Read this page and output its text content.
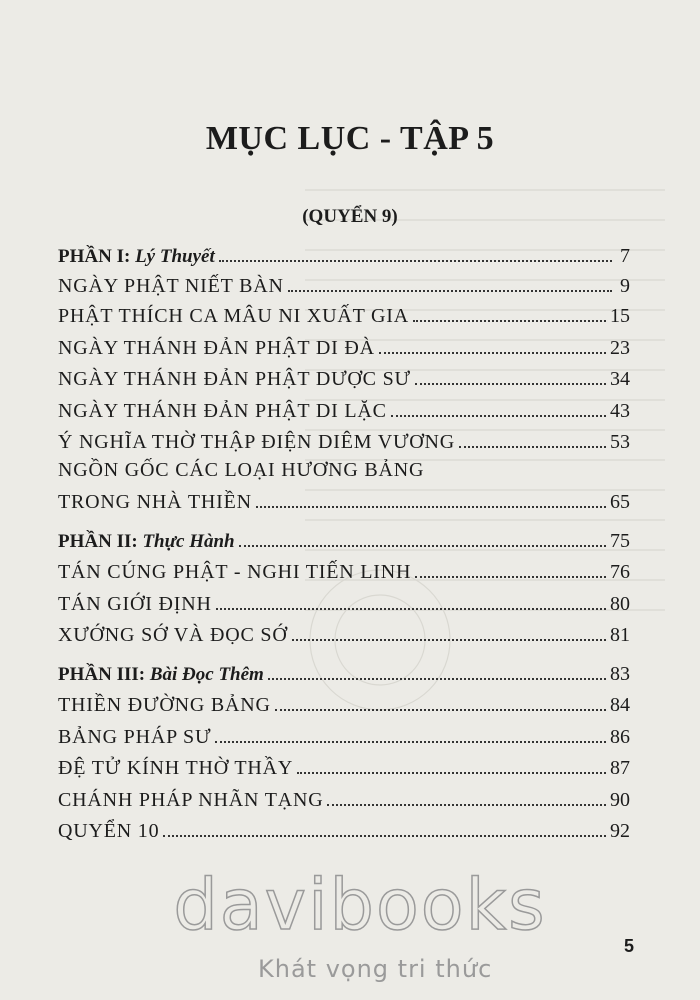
MỤC LỤC - TẬP 5
(QUYỂN 9)
PHẦN I: Lý Thuyết	7
NGÀY PHẬT NIẾT BÀN	9
PHẬT THÍCH CA MÂU NI XUẤT GIA	15
NGÀY THÁNH ĐẢN PHẬT DI ĐÀ	23
NGÀY THÁNH ĐẢN PHẬT DƯỢC SƯ	34
NGÀY THÁNH ĐẢN PHẬT DI LẶC	43
Ý NGHĨA THỜ THẬP ĐIỆN DIÊM VƯƠNG	53
NGỒN GỐC CÁC LOẠI HƯƠNG BẢNG
TRONG NHÀ THIỀN	65
PHẦN II: Thực Hành	75
TÁN CÚNG PHẬT - NGHI TIẾN LINH	76
TÁN GIỚI ĐỊNH	80
XƯỚNG SỚ VÀ ĐỌC SỚ	81
PHẦN III: Bài Đọc Thêm	83
THIỀN ĐƯỜNG BẢNG	84
BẢNG PHÁP SƯ	86
ĐỆ TỬ KÍNH THỜ THẦY	87
CHÁNH PHÁP NHÃN TẠNG	90
QUYỂN 10	92
davibooks
Khát vọng tri thức
5
